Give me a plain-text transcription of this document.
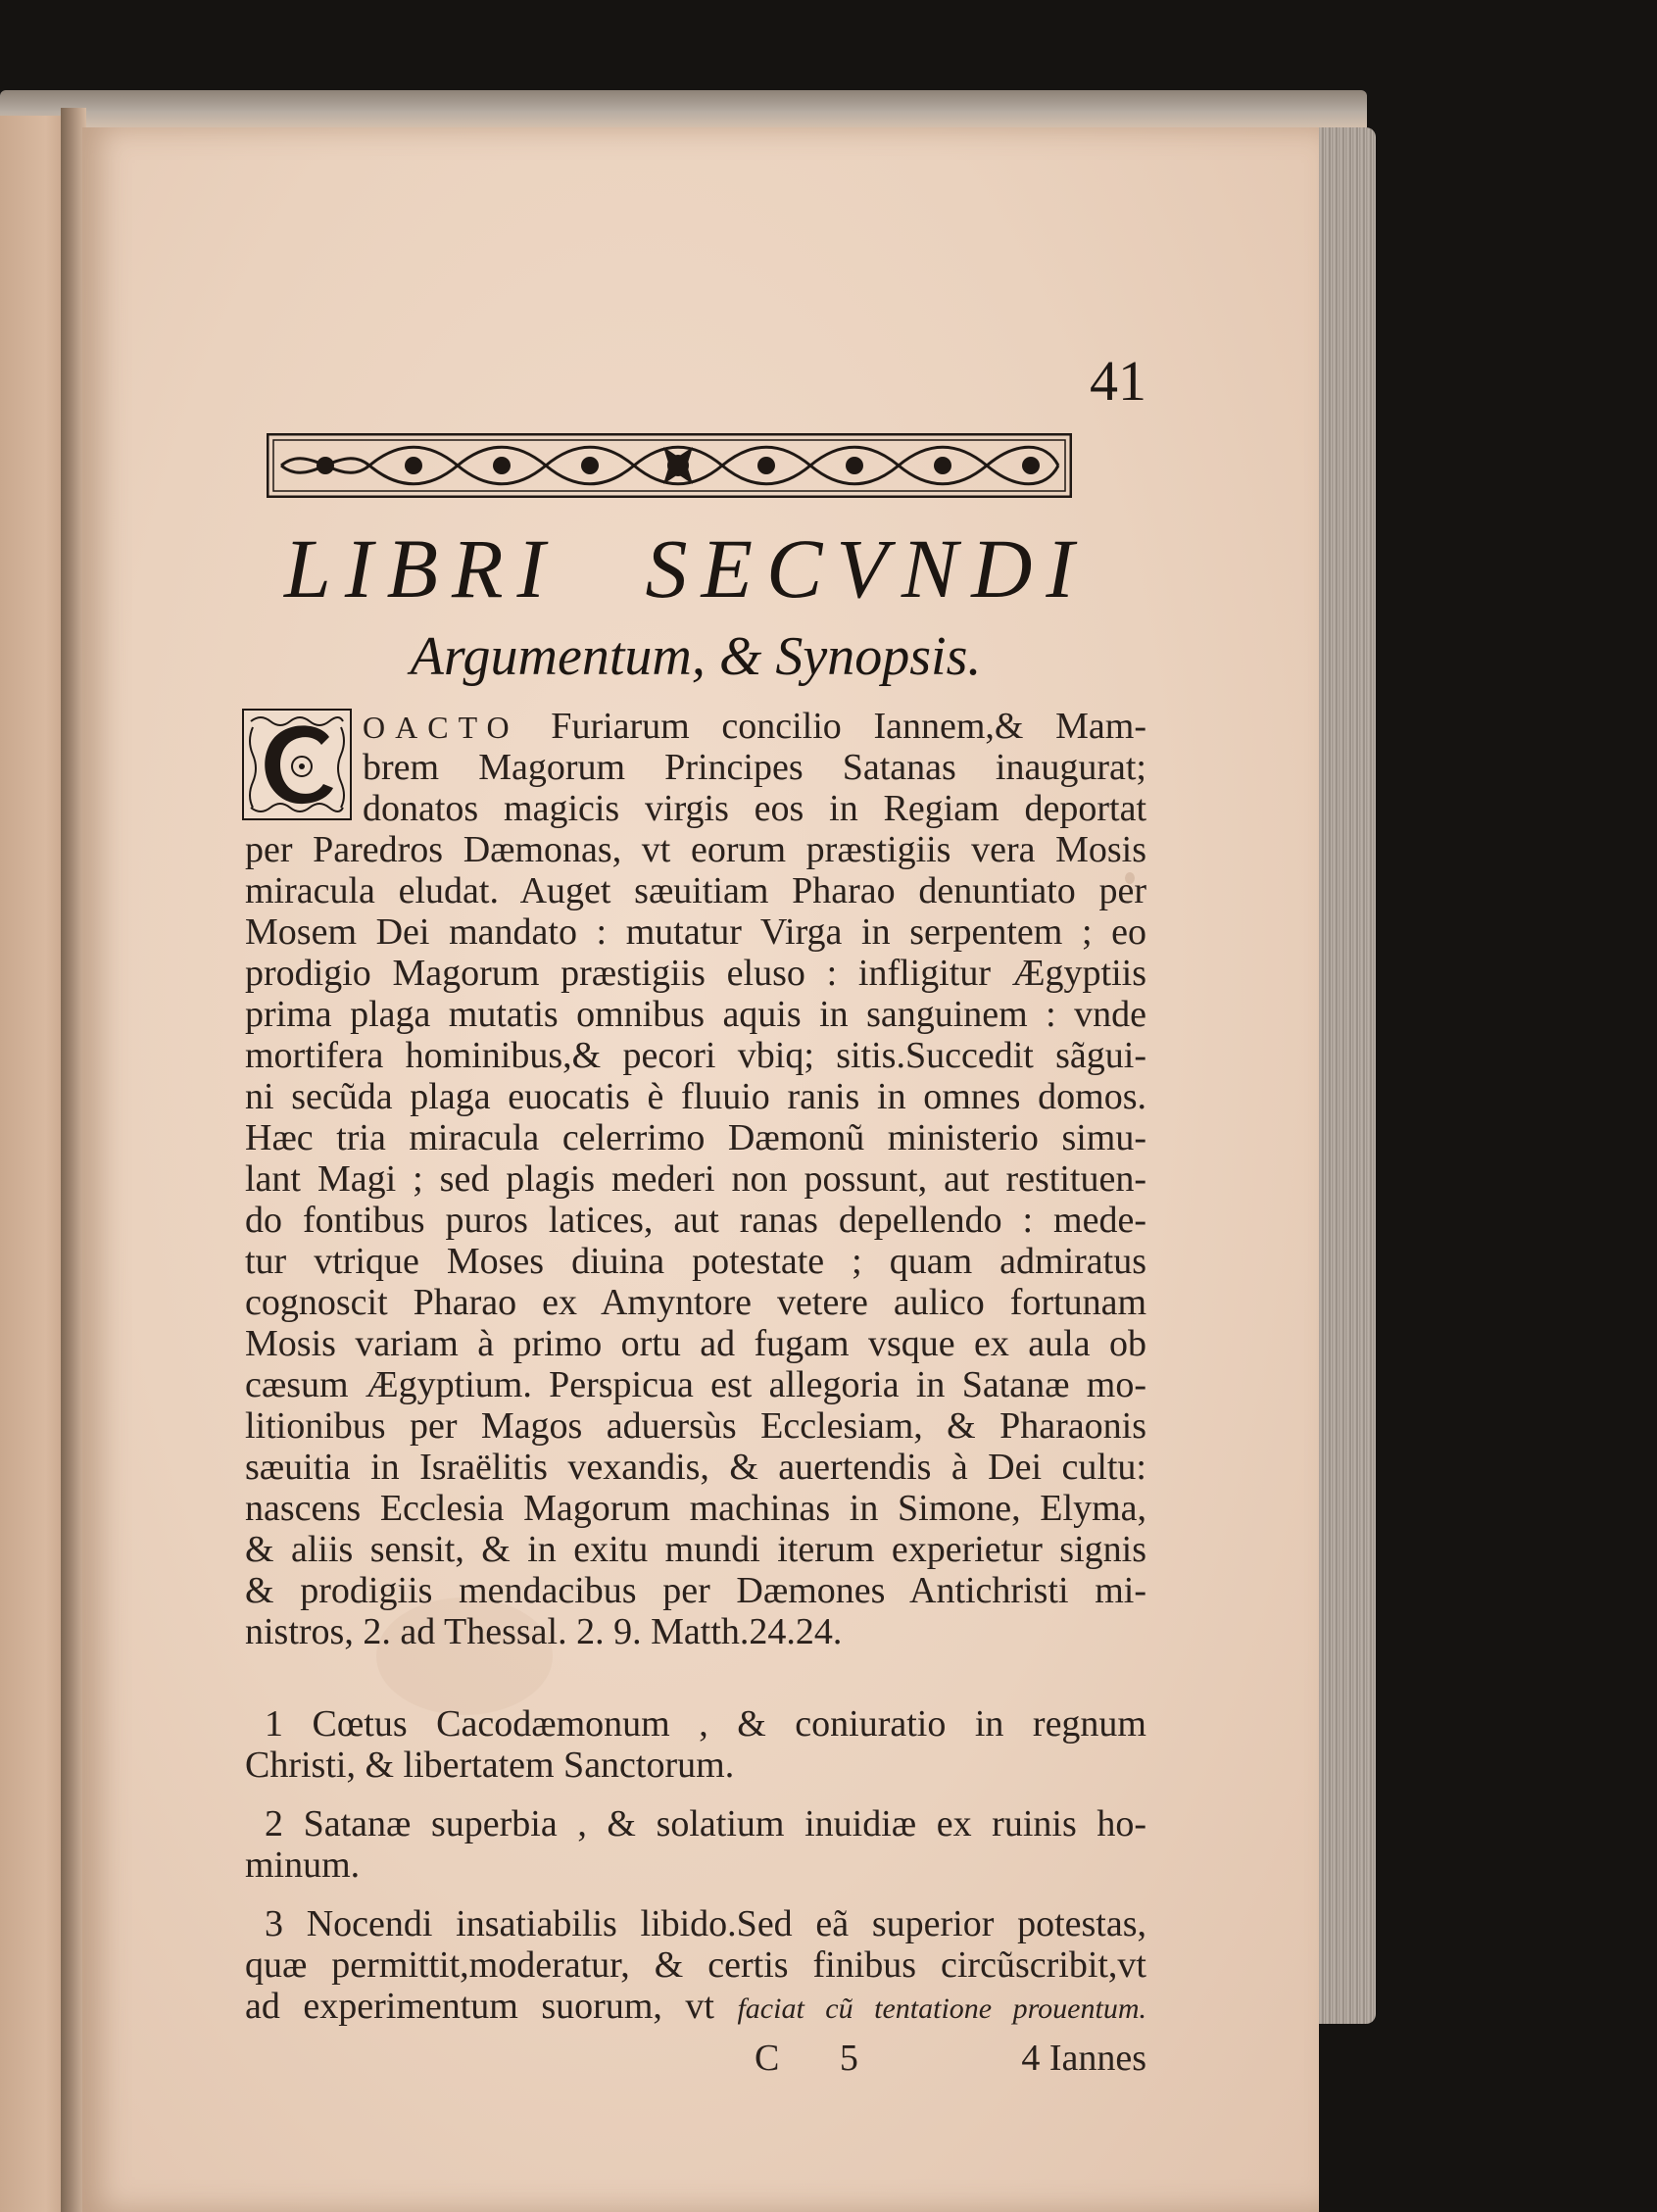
41
LIBRI SECVNDI
Argumentum, & Synopsis.
OACTO Furiarum concilio Iannem,& Mam-
brem Magorum Principes Satanas inaugurat;
donatos magicis virgis eos in Regiam deportat
per Paredros Dæmonas, vt eorum præstigiis vera Mosis
miracula eludat. Auget sæuitiam Pharao denuntiato per
Mosem Dei mandato : mutatur Virga in serpentem ; eo
prodigio Magorum præstigiis eluso : infligitur Ægyptiis
prima plaga mutatis omnibus aquis in sanguinem : vnde
mortifera hominibus,& pecori vbiq; sitis.Succedit sãgui-
ni secũda plaga euocatis è fluuio ranis in omnes domos.
Hæc tria miracula celerrimo Dæmonũ ministerio simu-
lant Magi ; sed plagis mederi non possunt, aut restituen-
do fontibus puros latices, aut ranas depellendo : mede-
tur vtrique Moses diuina potestate ; quam admiratus
cognoscit Pharao ex Amyntore vetere aulico fortunam
Mosis variam à primo ortu ad fugam vsque ex aula ob
cæsum Ægyptium. Perspicua est allegoria in Satanæ mo-
litionibus per Magos aduersùs Ecclesiam, & Pharaonis
sæuitia in Israëlitis vexandis, & auertendis à Dei cultu:
nascens Ecclesia Magorum machinas in Simone, Elyma,
& aliis sensit, & in exitu mundi iterum experietur signis
& prodigiis mendacibus per Dæmones Antichristi mi-
nistros, 2. ad Thessal. 2. 9. Matth.24.24.
1 Cœtus Cacodæmonum , & coniuratio in regnum
Christi, & libertatem Sanctorum.
2 Satanæ superbia , & solatium inuidiæ ex ruinis ho-
minum.
3 Nocendi insatiabilis libido.Sed eã superior potestas,
quæ permittit,moderatur, & certis finibus circũscribit,vt
ad experimentum suorum, vt faciat cũ tentatione prouentum.
C 5	4 Iannes
